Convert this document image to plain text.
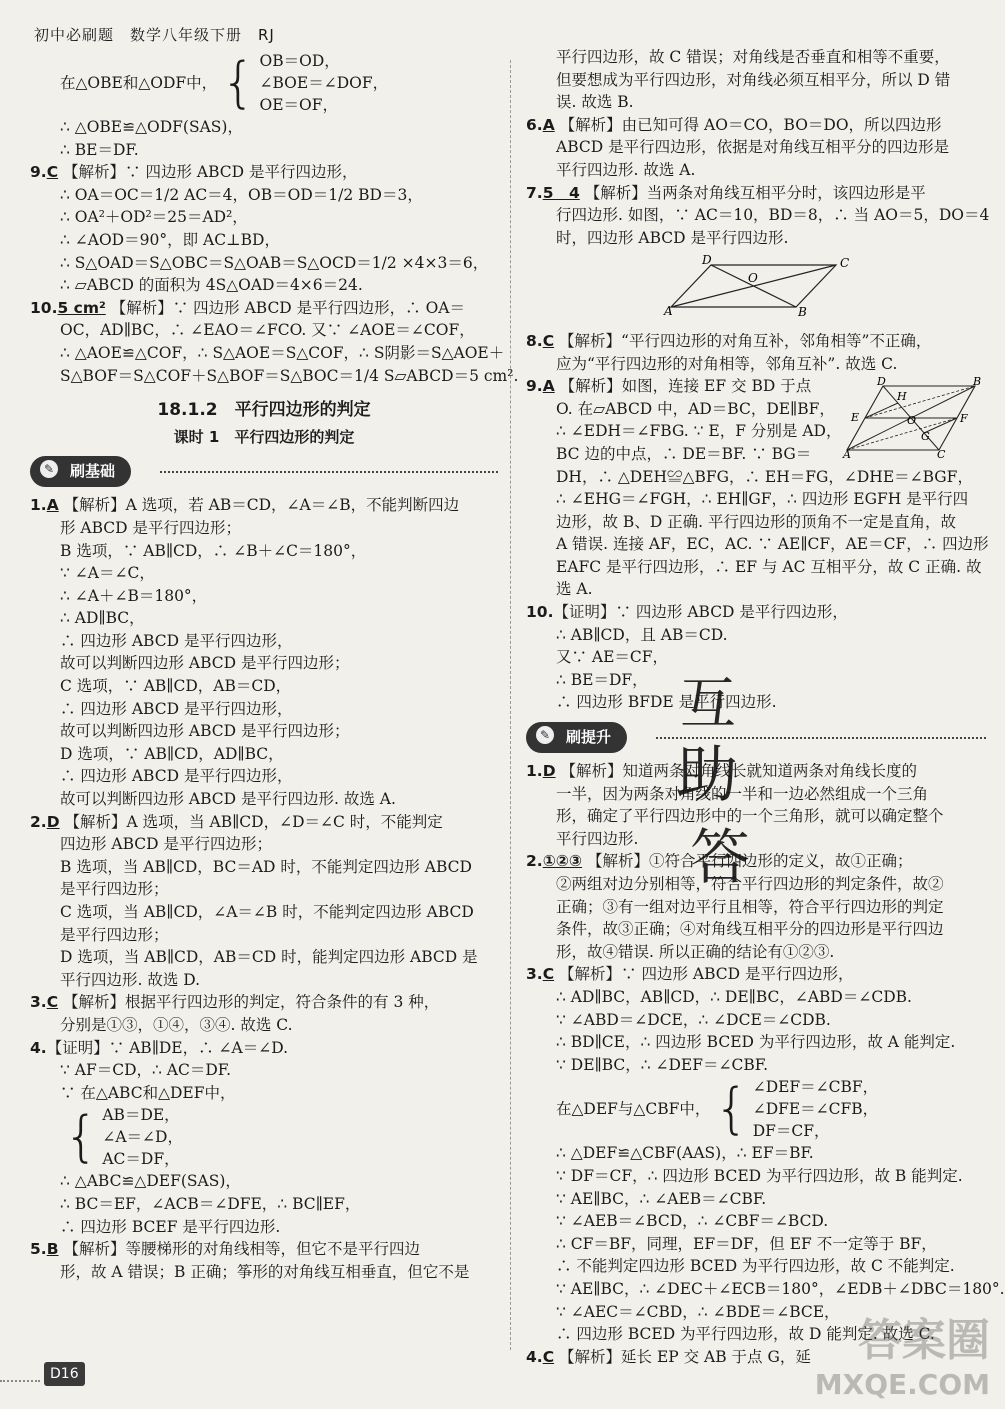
初中必刷题　数学八年级下册　RJ
在△OBE和△ODF中， { OB＝OD，
∠BOE＝∠DOF，
OE＝OF，
∴ △OBE≌△ODF(SAS)，
∴ BE＝DF.
9.C 【解析】∵ 四边形 ABCD 是平行四边形，
∴ OA＝OC＝1/2 AC＝4，OB＝OD＝1/2 BD＝3，
∴ OA²＋OD²＝25＝AD²，
∴ ∠AOD＝90°，即 AC⊥BD，
∴ S△OAD＝S△OBC＝S△OAB＝S△OCD＝1/2 ×4×3＝6，
∴ ▱ABCD 的面积为 4S△OAD＝4×6＝24.
10.5 cm² 【解析】∵ 四边形 ABCD 是平行四边形，∴ OA＝
OC，AD∥BC，∴ ∠EAO＝∠FCO. 又∵ ∠AOE＝∠COF，
∴ △AOE≌△COF，∴ S△AOE＝S△COF，∴ S阴影＝S△AOE＋
S△BOF＝S△COF＋S△BOF＝S△BOC＝1/4 S▱ABCD＝5 cm².
18.1.2　平行四边形的判定
课时 1　平行四边形的判定
✎ 刷基础
1.A 【解析】A 选项，若 AB＝CD，∠A＝∠B，不能判断四边
形 ABCD 是平行四边形；
B 选项，∵ AB∥CD，∴ ∠B＋∠C＝180°，
∵ ∠A＝∠C，
∴ ∠A＋∠B＝180°，
∴ AD∥BC，
∴ 四边形 ABCD 是平行四边形，
故可以判断四边形 ABCD 是平行四边形；
C 选项，∵ AB∥CD，AB＝CD，
∴ 四边形 ABCD 是平行四边形，
故可以判断四边形 ABCD 是平行四边形；
D 选项，∵ AB∥CD，AD∥BC，
∴ 四边形 ABCD 是平行四边形，
故可以判断四边形 ABCD 是平行四边形. 故选 A.
2.D 【解析】A 选项，当 AB∥CD，∠D＝∠C 时，不能判定
四边形 ABCD 是平行四边形；
B 选项，当 AB∥CD，BC＝AD 时，不能判定四边形 ABCD
是平行四边形；
C 选项，当 AB∥CD，∠A＝∠B 时，不能判定四边形 ABCD
是平行四边形；
D 选项，当 AB∥CD，AB＝CD 时，能判定四边形 ABCD 是
平行四边形. 故选 D.
3.C 【解析】根据平行四边形的判定，符合条件的有 3 种，
分别是①③，①④，③④. 故选 C.
4.【证明】∵ AB∥DE，∴ ∠A＝∠D.
∵ AF＝CD，∴ AC＝DF.
∵ 在△ABC和△DEF中，
{ AB＝DE，
∠A＝∠D，
AC＝DF，
∴ △ABC≌△DEF(SAS)，
∴ BC＝EF，∠ACB＝∠DFE，∴ BC∥EF，
∴ 四边形 BCEF 是平行四边形.
5.B 【解析】等腰梯形的对角线相等，但它不是平行四边
形，故 A 错误；B 正确；筝形的对角线互相垂直，但它不是
平行四边形，故 C 错误；对角线是否垂直和相等不重要，
但要想成为平行四边形，对角线必须互相平分，所以 D 错
误. 故选 B.
6.A 【解析】由已知可得 AO＝CO，BO＝DO，所以四边形
ABCD 是平行四边形，依据是对角线互相平分的四边形是
平行四边形. 故选 A.
7.5　4 【解析】当两条对角线互相平分时，该四边形是平
行四边形. 如图，∵ AC＝10，BD＝8，∴ 当 AO＝5，DO＝4
时，四边形 ABCD 是平行四边形.
D	C
O
A	B
8.C 【解析】“平行四边形的对角互补，邻角相等”不正确，
应为“平行四边形的对角相等，邻角互补”. 故选 C.
9.A 【解析】如图，连接 EF 交 BD 于点
O. 在▱ABCD 中，AD＝BC，DE∥BF，
∴ ∠EDH＝∠FBG. ∵ E，F 分别是 AD，
BC 边的中点，∴ DE＝BF. ∵ BG＝
DH，∴ △DEH≌△BFG，∴ EH＝FG，∠DHE＝∠BGF，
∴ ∠EHG＝∠FGH，∴ EH∥GF，∴ 四边形 EGFH 是平行四
边形，故 B、D 正确. 平行四边形的顶角不一定是直角，故
A 错误. 连接 AF，EC，AC. ∵ AE∥CF，AE＝CF，∴ 四边形
EAFC 是平行四边形，∴ EF 与 AC 互相平分，故 C 正确. 故
选 A.
10.【证明】∵ 四边形 ABCD 是平行四边形，
∴ AB∥CD，且 AB＝CD.
又∵ AE＝CF，
∴ BE＝DF，
∴ 四边形 BFDE 是平行四边形.
✎ 刷提升
1.D 【解析】知道两条对角线长就知道两条对角线长度的
一半，因为两条对角线的一半和一边必然组成一个三角
形，确定了平行四边形中的一个三角形，就可以确定整个
平行四边形.
2.①②③ 【解析】①符合平行四边形的定义，故①正确；
②两组对边分别相等，符合平行四边形的判定条件，故②
正确；③有一组对边平行且相等，符合平行四边形的判定
条件，故③正确；④对角线互相平分的四边形是平行四边
形，故④错误. 所以正确的结论有①②③.
3.C 【解析】∵ 四边形 ABCD 是平行四边形，
∴ AD∥BC，AB∥CD，∴ DE∥BC，∠ABD＝∠CDB.
∵ ∠ABD＝∠DCE，∴ ∠DCE＝∠CDB.
∴ BD∥CE，∴ 四边形 BCED 为平行四边形，故 A 能判定.
∵ DE∥BC，∴ ∠DEF＝∠CBF.
在△DEF与△CBF中， { ∠DEF＝∠CBF，
∠DFE＝∠CFB，
DF＝CF，
∴ △DEF≌△CBF(AAS)，∴ EF＝BF.
∵ DF＝CF，∴ 四边形 BCED 为平行四边形，故 B 能判定.
∵ AE∥BC，∴ ∠AEB＝∠CBF.
∵ ∠AEB＝∠BCD，∴ ∠CBF＝∠BCD.
∴ CF＝BF，同理，EF＝DF，但 EF 不一定等于 BF，
∴ 不能判定四边形 BCED 为平行四边形，故 C 不能判定.
∵ AE∥BC，∴ ∠DEC＋∠ECB＝180°，∠EDB＋∠DBC＝180°.
∵ ∠AEC＝∠CBD，∴ ∠BDE＝∠BCE，
∴ 四边形 BCED 为平行四边形，故 D 能判定. 故选 C.
4.C 【解析】延长 EP 交 AB 于点 G，延
D	B
H
E	O	F
G
A	C
互
助
答
D16
答案圈
MXQE.COM
